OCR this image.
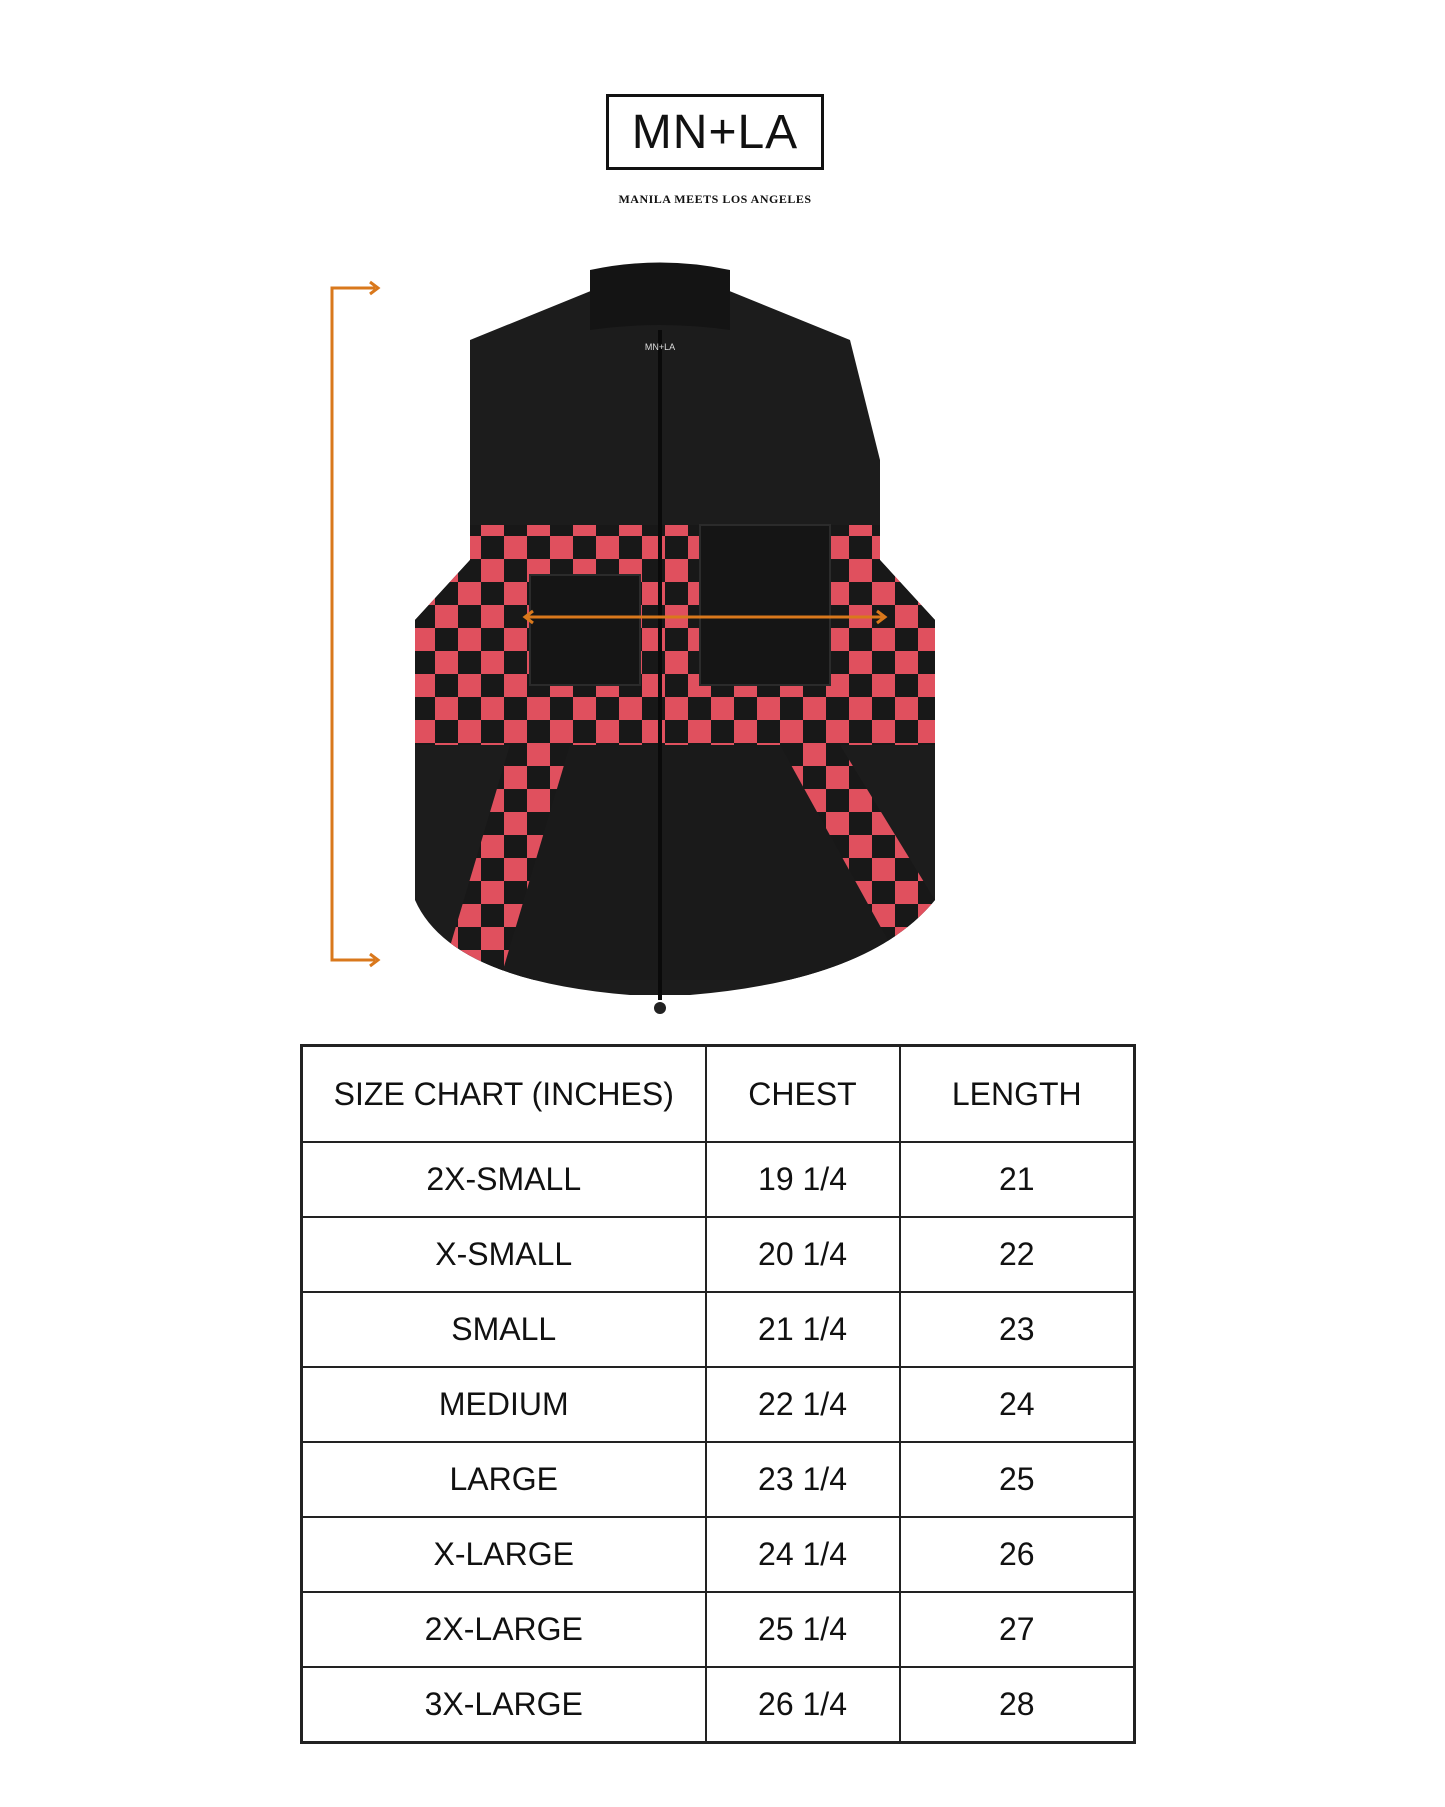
MN+LA
MANILA MEETS LOS ANGELES
MN+LA
SIZE CHART (INCHES)	CHEST	LENGTH
2X-SMALL	19 1/4	21
X-SMALL	20 1/4	22
SMALL	21 1/4	23
MEDIUM	22 1/4	24
LARGE	23 1/4	25
X-LARGE	24 1/4	26
2X-LARGE	25 1/4	27
3X-LARGE	26 1/4	28
